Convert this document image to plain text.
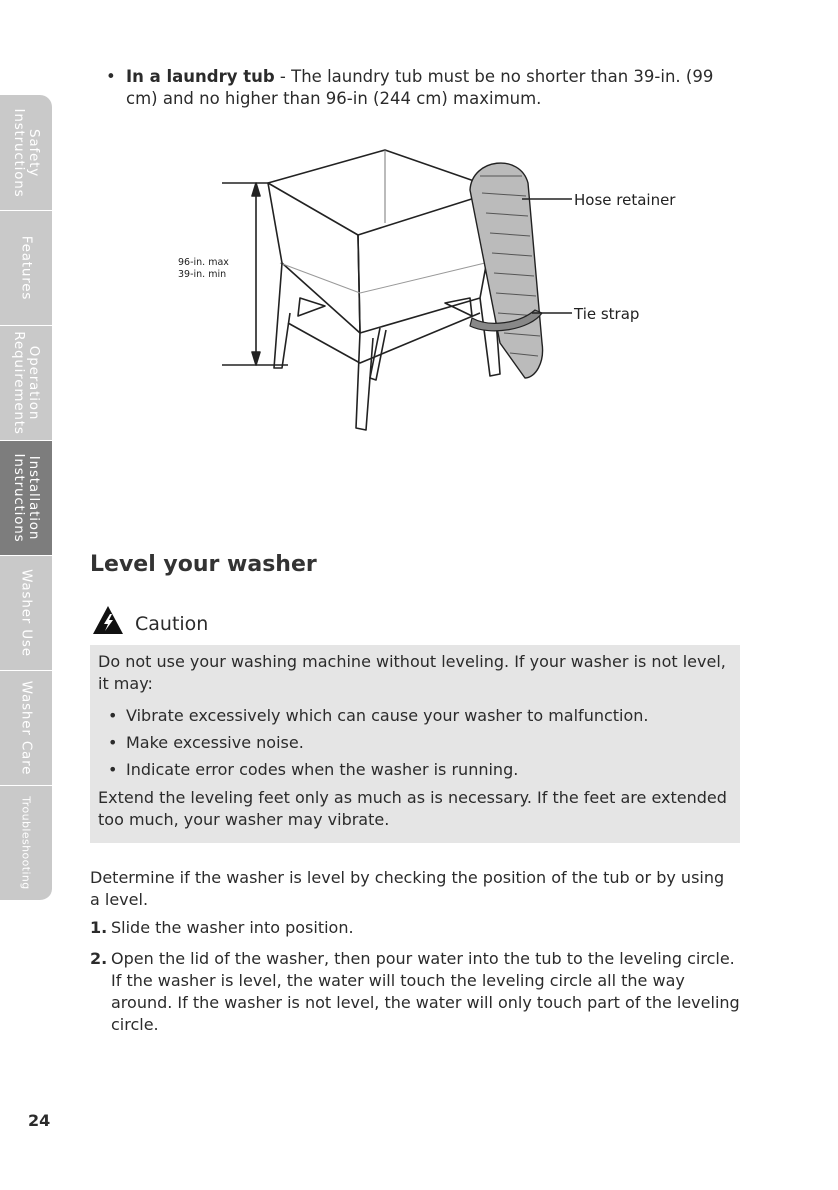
Safety
Instructions
Features
Operation
Requirements
Installation
Instructions
Washer Use
Washer Care
Troubleshooting
• In a laundry tub - The laundry tub must be no shorter than 39-in. (99 cm) and no higher than 96-in (244 cm) maximum.
96-in. max
39-in. min
Hose retainer
Tie strap
Level your washer
Caution

Do not use your washing machine without leveling. If your washer is not level, it may:

• Vibrate excessively which can cause your washer to malfunction.
• Make excessive noise.
• Indicate error codes when the washer is running.

Extend the leveling feet only as much as is necessary. If the feet are extended too much, your washer may vibrate.

Determine if the washer is level by checking the position of the tub or by using a level.

1. Slide the washer into position.
2. Open the lid of the washer, then pour water into the tub to the leveling circle. If the washer is level, the water will touch the leveling circle all the way around. If the washer is not level, the water will only touch part of the leveling circle.
24
